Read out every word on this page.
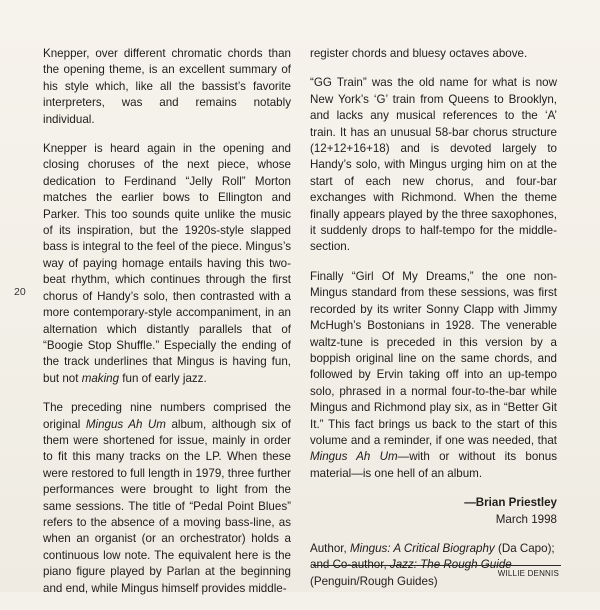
20

Knepper, over different chromatic chords than the opening theme, is an excellent summary of his style which, like all the bassist’s favorite interpreters, was and remains notably individual.

Knepper is heard again in the opening and closing choruses of the next piece, whose dedication to Ferdinand “Jelly Roll” Morton matches the earlier bows to Ellington and Parker. This too sounds quite unlike the music of its inspiration, but the 1920s-style slapped bass is integral to the feel of the piece. Mingus’s way of paying homage entails having this two-beat rhythm, which continues through the first chorus of Handy’s solo, then contrasted with a more contemporary-style accompaniment, in an alternation which distantly parallels that of “Boogie Stop Shuffle.” Especially the ending of the track underlines that Mingus is having fun, but not making fun of early jazz.

The preceding nine numbers comprised the original Mingus Ah Um album, although six of them were shortened for issue, mainly in order to fit this many tracks on the LP. When these were restored to full length in 1979, three further performances were brought to light from the same sessions. The title of “Pedal Point Blues” refers to the absence of a moving bass-line, as when an organist (or an orchestrator) holds a continuous low note. The equivalent here is the piano figure played by Parlan at the beginning and end, while Mingus himself provides middle-

register chords and bluesy octaves above.

“GG Train” was the old name for what is now New York’s ‘G’ train from Queens to Brooklyn, and lacks any musical references to the ‘A’ train. It has an unusual 58-bar chorus structure (12+12+16+18) and is devoted largely to Handy’s solo, with Mingus urging him on at the start of each new chorus, and four-bar exchanges with Richmond. When the theme finally appears played by the three saxophones, it suddenly drops to half-tempo for the middle-section.

Finally “Girl Of My Dreams,” the one non-Mingus standard from these sessions, was first recorded by its writer Sonny Clapp with Jimmy McHugh’s Bostonians in 1928. The venerable waltz-tune is preceded in this version by a boppish original line on the same chords, and followed by Ervin taking off into an up-tempo solo, phrased in a normal four-to-the-bar while Mingus and Richmond play six, as in “Better Git It.” This fact brings us back to the start of this volume and a reminder, if one was needed, that Mingus Ah Um—with or without its bonus material—is one hell of an album.

—Brian Priestley

March 1998

Author, Mingus: A Critical Biography (Da Capo); and Co-author, Jazz: The Rough Guide (Penguin/Rough Guides)

WILLIE DENNIS
